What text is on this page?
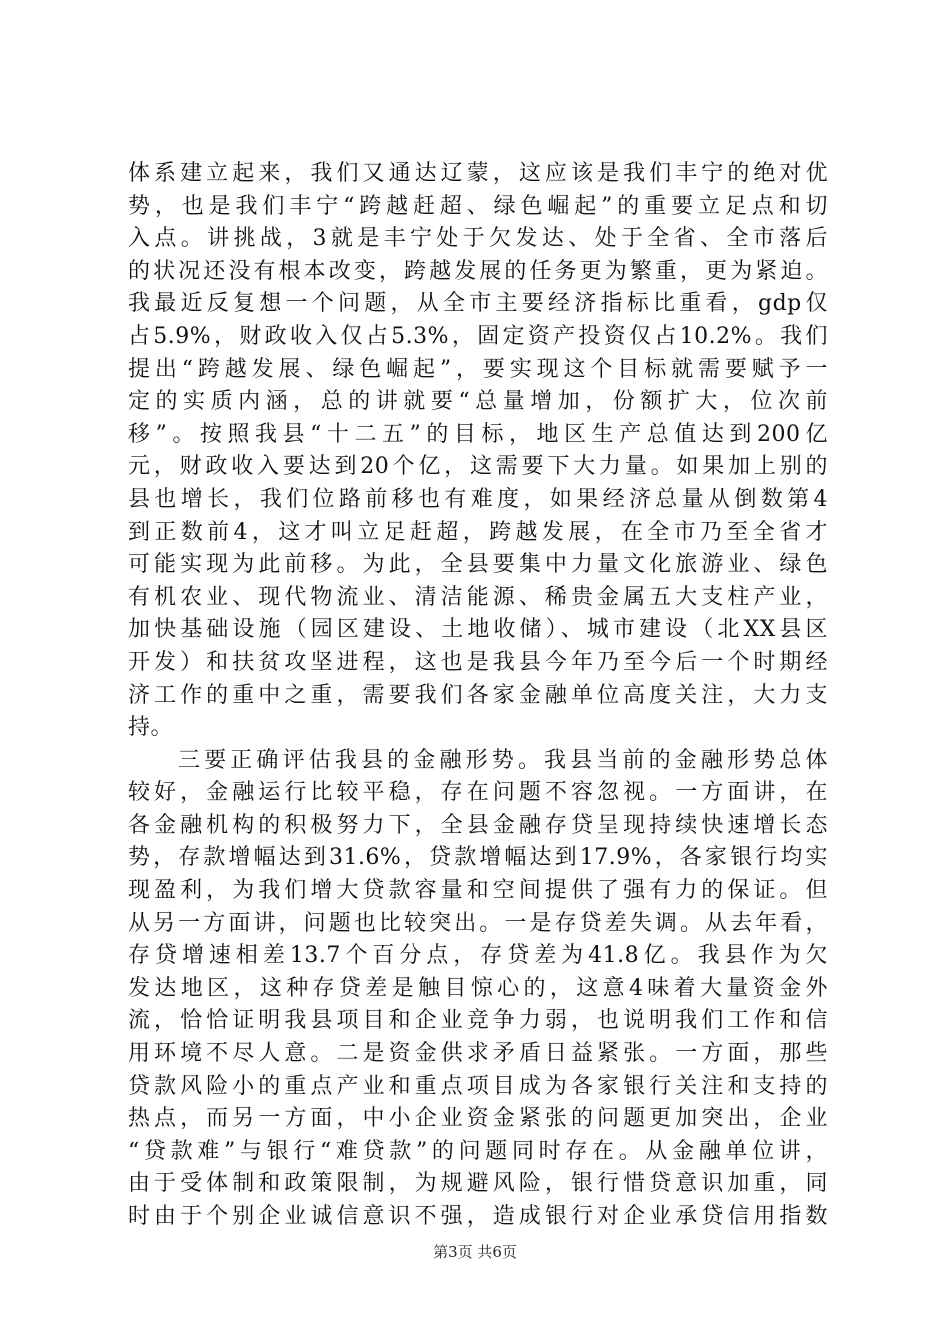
体系建立起来，我们又通达辽蒙，这应该是我们丰宁的绝对优
势，也是我们丰宁“跨越赶超、绿色崛起”的重要立足点和切
入点。讲挑战，3就是丰宁处于欠发达、处于全省、全市落后
的状况还没有根本改变，跨越发展的任务更为繁重，更为紧迫。
我最近反复想一个问题，从全市主要经济指标比重看，gdp仅
占5.9%，财政收入仅占5.3%，固定资产投资仅占10.2%。我们
提出“跨越发展、绿色崛起”，要实现这个目标就需要赋予一
定的实质内涵，总的讲就要“总量增加，份额扩大，位次前
移”。按照我县“十二五”的目标，地区生产总值达到200亿
元，财政收入要达到20个亿，这需要下大力量。如果加上别的
县也增长，我们位路前移也有难度，如果经济总量从倒数第4
到正数前4，这才叫立足赶超，跨越发展，在全市乃至全省才
可能实现为此前移。为此，全县要集中力量文化旅游业、绿色
有机农业、现代物流业、清洁能源、稀贵金属五大支柱产业，
加快基础设施（园区建设、土地收储）、城市建设（北XX县区
开发）和扶贫攻坚进程，这也是我县今年乃至今后一个时期经
济工作的重中之重，需要我们各家金融单位高度关注，大力支
持。
三要正确评估我县的金融形势。我县当前的金融形势总体
较好，金融运行比较平稳，存在问题不容忽视。一方面讲，在
各金融机构的积极努力下，全县金融存贷呈现持续快速增长态
势，存款增幅达到31.6%，贷款增幅达到17.9%，各家银行均实
现盈利，为我们增大贷款容量和空间提供了强有力的保证。但
从另一方面讲，问题也比较突出。一是存贷差失调。从去年看，
存贷增速相差13.7个百分点，存贷差为41.8亿。我县作为欠
发达地区，这种存贷差是触目惊心的，这意4味着大量资金外
流，恰恰证明我县项目和企业竞争力弱，也说明我们工作和信
用环境不尽人意。二是资金供求矛盾日益紧张。一方面，那些
贷款风险小的重点产业和重点项目成为各家银行关注和支持的
热点，而另一方面，中小企业资金紧张的问题更加突出，企业
“贷款难”与银行“难贷款”的问题同时存在。从金融单位讲，
由于受体制和政策限制，为规避风险，银行惜贷意识加重，同
时由于个别企业诚信意识不强，造成银行对企业承贷信用指数
第3页 共6页
